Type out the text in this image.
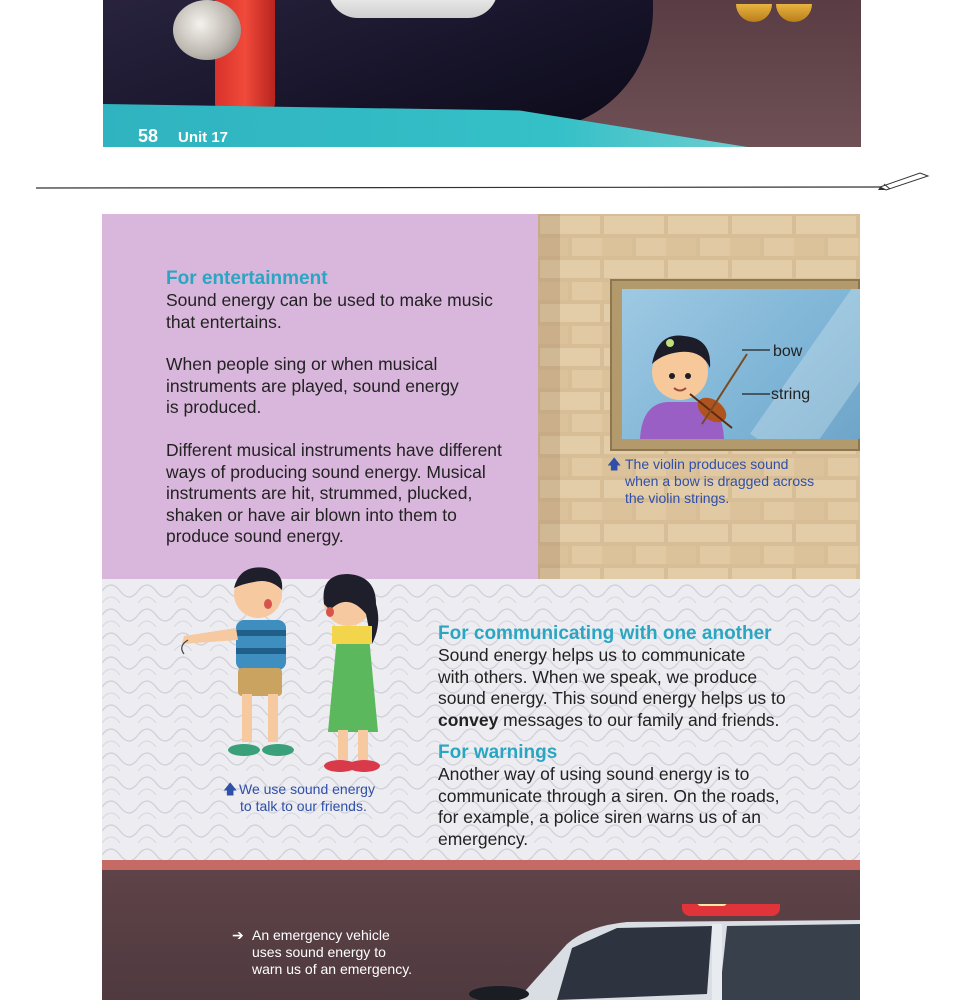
58 Unit 17
bow
string
For entertainment

Sound energy can be used to make music
that entertains.

When people sing or when musical
instruments are played, sound energy
is produced.

Different musical instruments have different
ways of producing sound energy. Musical
instruments are hit, strummed, plucked,
shaken or have air blown into them to
produce sound energy.

🡅 The violin produces sound
when a bow is dragged across
the violin strings.

For communicating with one another

Sound energy helps us to communicate
with others. When we speak, we produce
sound energy. This sound energy helps us to
convey messages to our family and friends.

🡅 We use sound energy
to talk to our friends.

For warnings

Another way of using sound energy is to
communicate through a siren. On the roads,
for example, a police siren warns us of an
emergency.

➔ An emergency vehicle
uses sound energy to
warn us of an emergency.
